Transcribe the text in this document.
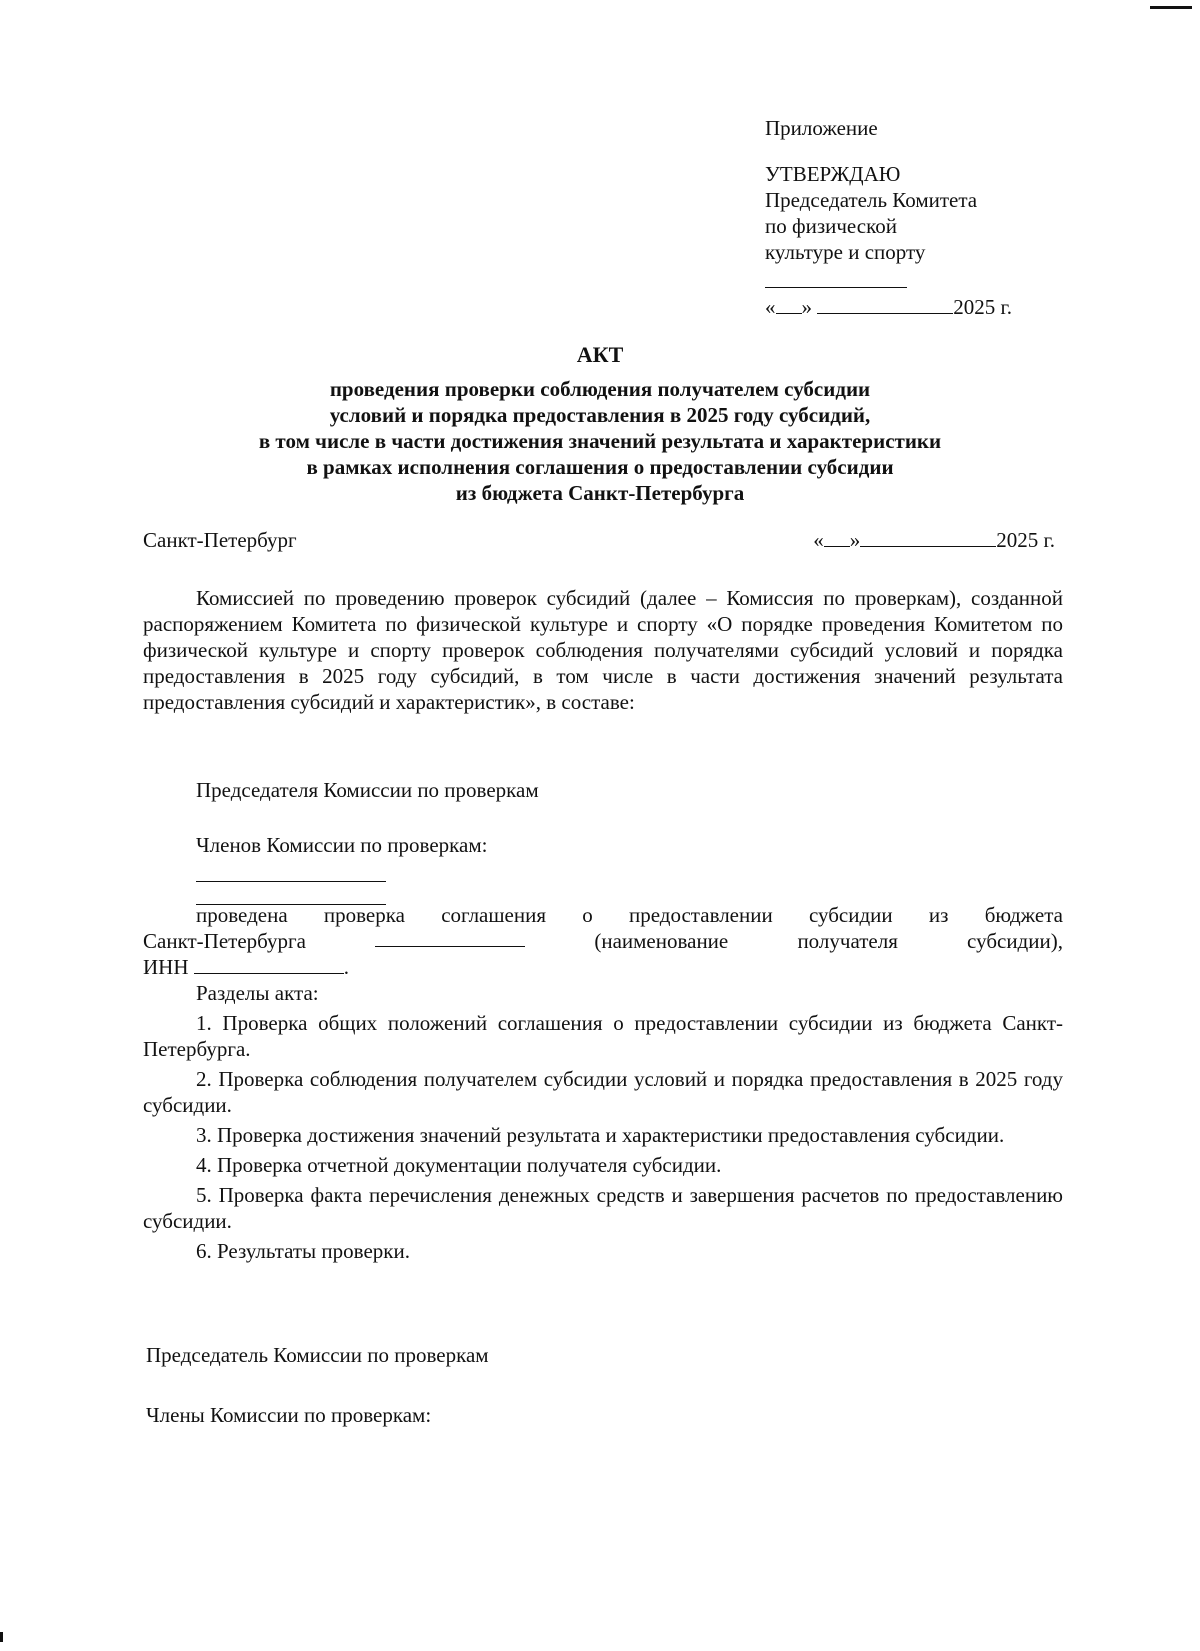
Приложение
УТВЕРЖДАЮ
Председатель Комитета
по физической
культуре и спорту
« »	2025 г.
АКТ
проведения проверки соблюдения получателем субсидии
условий и порядка предоставления в 2025 году субсидий,
в том числе в части достижения значений результата и характеристики
в рамках исполнения соглашения о предоставлении субсидии
из бюджета Санкт-Петербурга
Санкт-Петербург	« »	2025 г.
Комиссией по проведению проверок субсидий (далее – Комиссия по проверкам), созданной распоряжением Комитета по физической культуре и спорту «О порядке проведения Комитетом по физической культуре и спорту проверок соблюдения получателями субсидий условий и порядка предоставления в 2025 году субсидий, в том числе в части достижения значений результата предоставления субсидий и характеристик», в составе:
Председателя Комиссии по проверкам
Членов Комиссии по проверкам:
проведена проверка соглашения о предоставлении субсидии из бюджета
Санкт-Петербурга	(наименование	получателя	субсидии),
ИНН	.
Разделы акта:
1. Проверка общих положений соглашения о предоставлении субсидии из бюджета Санкт-Петербурга.
2. Проверка соблюдения получателем субсидии условий и порядка предоставления в 2025 году субсидии.
3. Проверка достижения значений результата и характеристики предоставления субсидии.
4. Проверка отчетной документации получателя субсидии.
5. Проверка факта перечисления денежных средств и завершения расчетов по предоставлению субсидии.
6. Результаты проверки.
Председатель Комиссии по проверкам
Члены Комиссии по проверкам:
